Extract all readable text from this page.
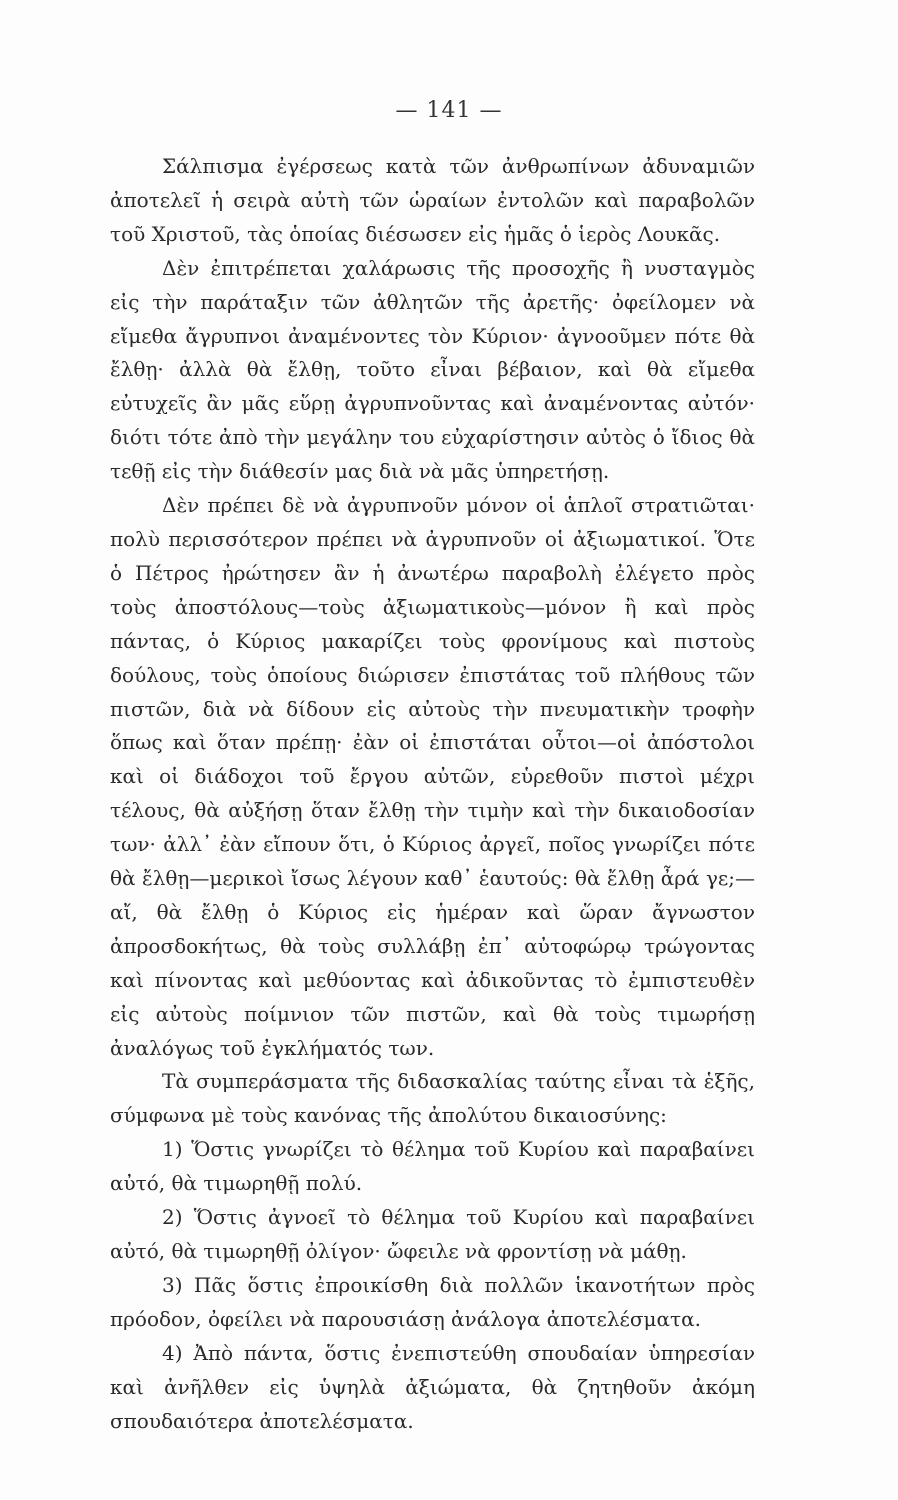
— 141 —

Σάλπισμα ἐγέρσεως κατὰ τῶν ἀνθρωπίνων ἀδυναμιῶν ἀποτελεῖ ἡ σειρὰ αὐτὴ τῶν ὡραίων ἐντολῶν καὶ παραβολῶν τοῦ Χριστοῦ, τὰς ὁποίας διέσωσεν εἰς ἡμᾶς ὁ ἱερὸς Λουκᾶς.

Δὲν ἐπιτρέπεται χαλάρωσις τῆς προσοχῆς ἢ νυσταγμὸς εἰς τὴν παράταξιν τῶν ἀθλητῶν τῆς ἀρετῆς· ὀφείλομεν νὰ εἴμεθα ἄγρυπνοι ἀναμένοντες τὸν Κύριον· ἀγνοοῦμεν πότε θὰ ἔλθῃ· ἀλλὰ θὰ ἔλθῃ, τοῦτο εἶναι βέβαιον, καὶ θὰ εἴμεθα εὐτυχεῖς ἂν μᾶς εὕρῃ ἀγρυπνοῦντας καὶ ἀναμένοντας αὐτόν· διότι τότε ἀπὸ τὴν μεγάλην του εὐχαρίστησιν αὐτὸς ὁ ἴδιος θὰ τεθῇ εἰς τὴν διάθεσίν μας διὰ νὰ μᾶς ὑπηρετήσῃ.

Δὲν πρέπει δὲ νὰ ἀγρυπνοῦν μόνον οἱ ἁπλοῖ στρατιῶται· πολὺ περισσότερον πρέπει νὰ ἀγρυπνοῦν οἱ ἀξιωματικοί. Ὅτε ὁ Πέτρος ἠρώτησεν ἂν ἡ ἀνωτέρω παραβολὴ ἐλέγετο πρὸς τοὺς ἀποστόλους—τοὺς ἀξιωματικοὺς—μόνον ἢ καὶ πρὸς πάντας, ὁ Κύριος μακαρίζει τοὺς φρονίμους καὶ πιστοὺς δούλους, τοὺς ὁποίους διώρισεν ἐπιστάτας τοῦ πλήθους τῶν πιστῶν, διὰ νὰ δίδουν εἰς αὐτοὺς τὴν πνευματικὴν τροφὴν ὅπως καὶ ὅταν πρέπῃ· ἐὰν οἱ ἐπιστάται οὗτοι—οἱ ἀπόστολοι καὶ οἱ διάδοχοι τοῦ ἔργου αὐτῶν, εὑρεθοῦν πιστοὶ μέχρι τέλους, θὰ αὐξήσῃ ὅταν ἔλθῃ τὴν τιμὴν καὶ τὴν δικαιοδοσίαν των· ἀλλ᾽ ἐὰν εἴπουν ὅτι, ὁ Κύριος ἀργεῖ, ποῖος γνωρίζει πότε θὰ ἔλθῃ—μερικοὶ ἴσως λέγουν καθ᾽ ἑαυτούς: θὰ ἔλθῃ ἆρά γε;—αἴ, θὰ ἔλθῃ ὁ Κύριος εἰς ἡμέραν καὶ ὥραν ἄγνωστον ἀπροσδοκήτως, θὰ τοὺς συλλάβῃ ἐπ᾽ αὐτοφώρῳ τρώγοντας καὶ πίνοντας καὶ μεθύοντας καὶ ἀδικοῦντας τὸ ἐμπιστευθὲν εἰς αὐτοὺς ποίμνιον τῶν πιστῶν, καὶ θὰ τοὺς τιμωρήσῃ ἀναλόγως τοῦ ἐγκλήματός των.

Τὰ συμπεράσματα τῆς διδασκαλίας ταύτης εἶναι τὰ ἑξῆς, σύμφωνα μὲ τοὺς κανόνας τῆς ἀπολύτου δικαιοσύνης:

1) Ὅστις γνωρίζει τὸ θέλημα τοῦ Κυρίου καὶ παραβαίνει αὐτό, θὰ τιμωρηθῇ πολύ.

2) Ὅστις ἀγνοεῖ τὸ θέλημα τοῦ Κυρίου καὶ παραβαίνει αὐτό, θὰ τιμωρηθῇ ὀλίγον· ὤφειλε νὰ φροντίσῃ νὰ μάθῃ.

3) Πᾶς ὅστις ἐπροικίσθη διὰ πολλῶν ἱκανοτήτων πρὸς πρόοδον, ὀφείλει νὰ παρουσιάσῃ ἀνάλογα ἀποτελέσματα.

4) Ἀπὸ πάντα, ὅστις ἐνεπιστεύθη σπουδαίαν ὑπηρεσίαν καὶ ἀνῆλθεν εἰς ὑψηλὰ ἀξιώματα, θὰ ζητηθοῦν ἀκόμη σπουδαιότερα ἀποτελέσματα.
